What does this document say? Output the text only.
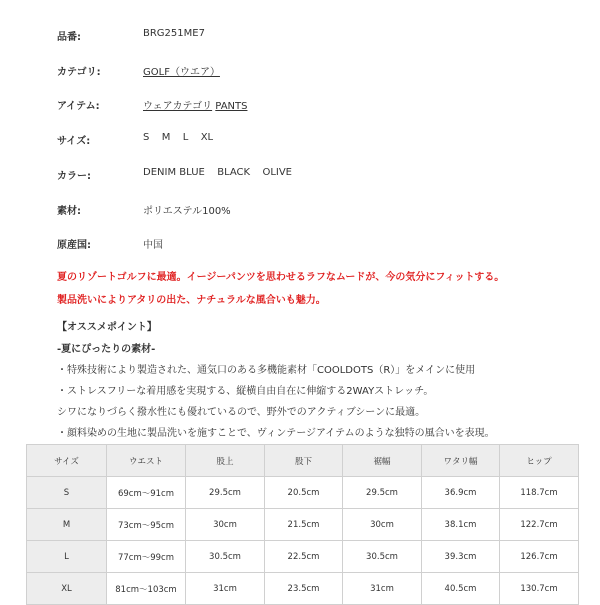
品番:	BRG251ME7
カテゴリ:	GOLF（ウエア）
アイテム:	ウェアカテゴリ PANTS
サイズ:	S M L XL
カラー:	DENIM BLUE BLACK OLIVE
素材:	ポリエステル100%
原産国:	中国
夏のリゾートゴルフに最適。イージーパンツを思わせるラフなムードが、今の気分にフィットする。
製品洗いによりアタリの出た、ナチュラルな風合いも魅力。
【オススメポイント】
-夏にぴったりの素材-
・特殊技術により製造された、通気口のある多機能素材「COOLDOTS（R）」をメインに使用
・ストレスフリーな着用感を実現する、縦横自由自在に伸縮する2WAYストレッチ。
シワになりづらく撥水性にも優れているので、野外でのアクティブシーンに最適。
・顔料染めの生地に製品洗いを施すことで、ヴィンテージアイテムのような独特の風合いを表現。
サイズ	ウエスト	股上	股下	裾幅	ワタリ幅	ヒップ
S	69cm〜91cm	29.5cm	20.5cm	29.5cm	36.9cm	118.7cm
M	73cm〜95cm	30cm	21.5cm	30cm	38.1cm	122.7cm
L	77cm〜99cm	30.5cm	22.5cm	30.5cm	39.3cm	126.7cm
XL	81cm〜103cm	31cm	23.5cm	31cm	40.5cm	130.7cm
